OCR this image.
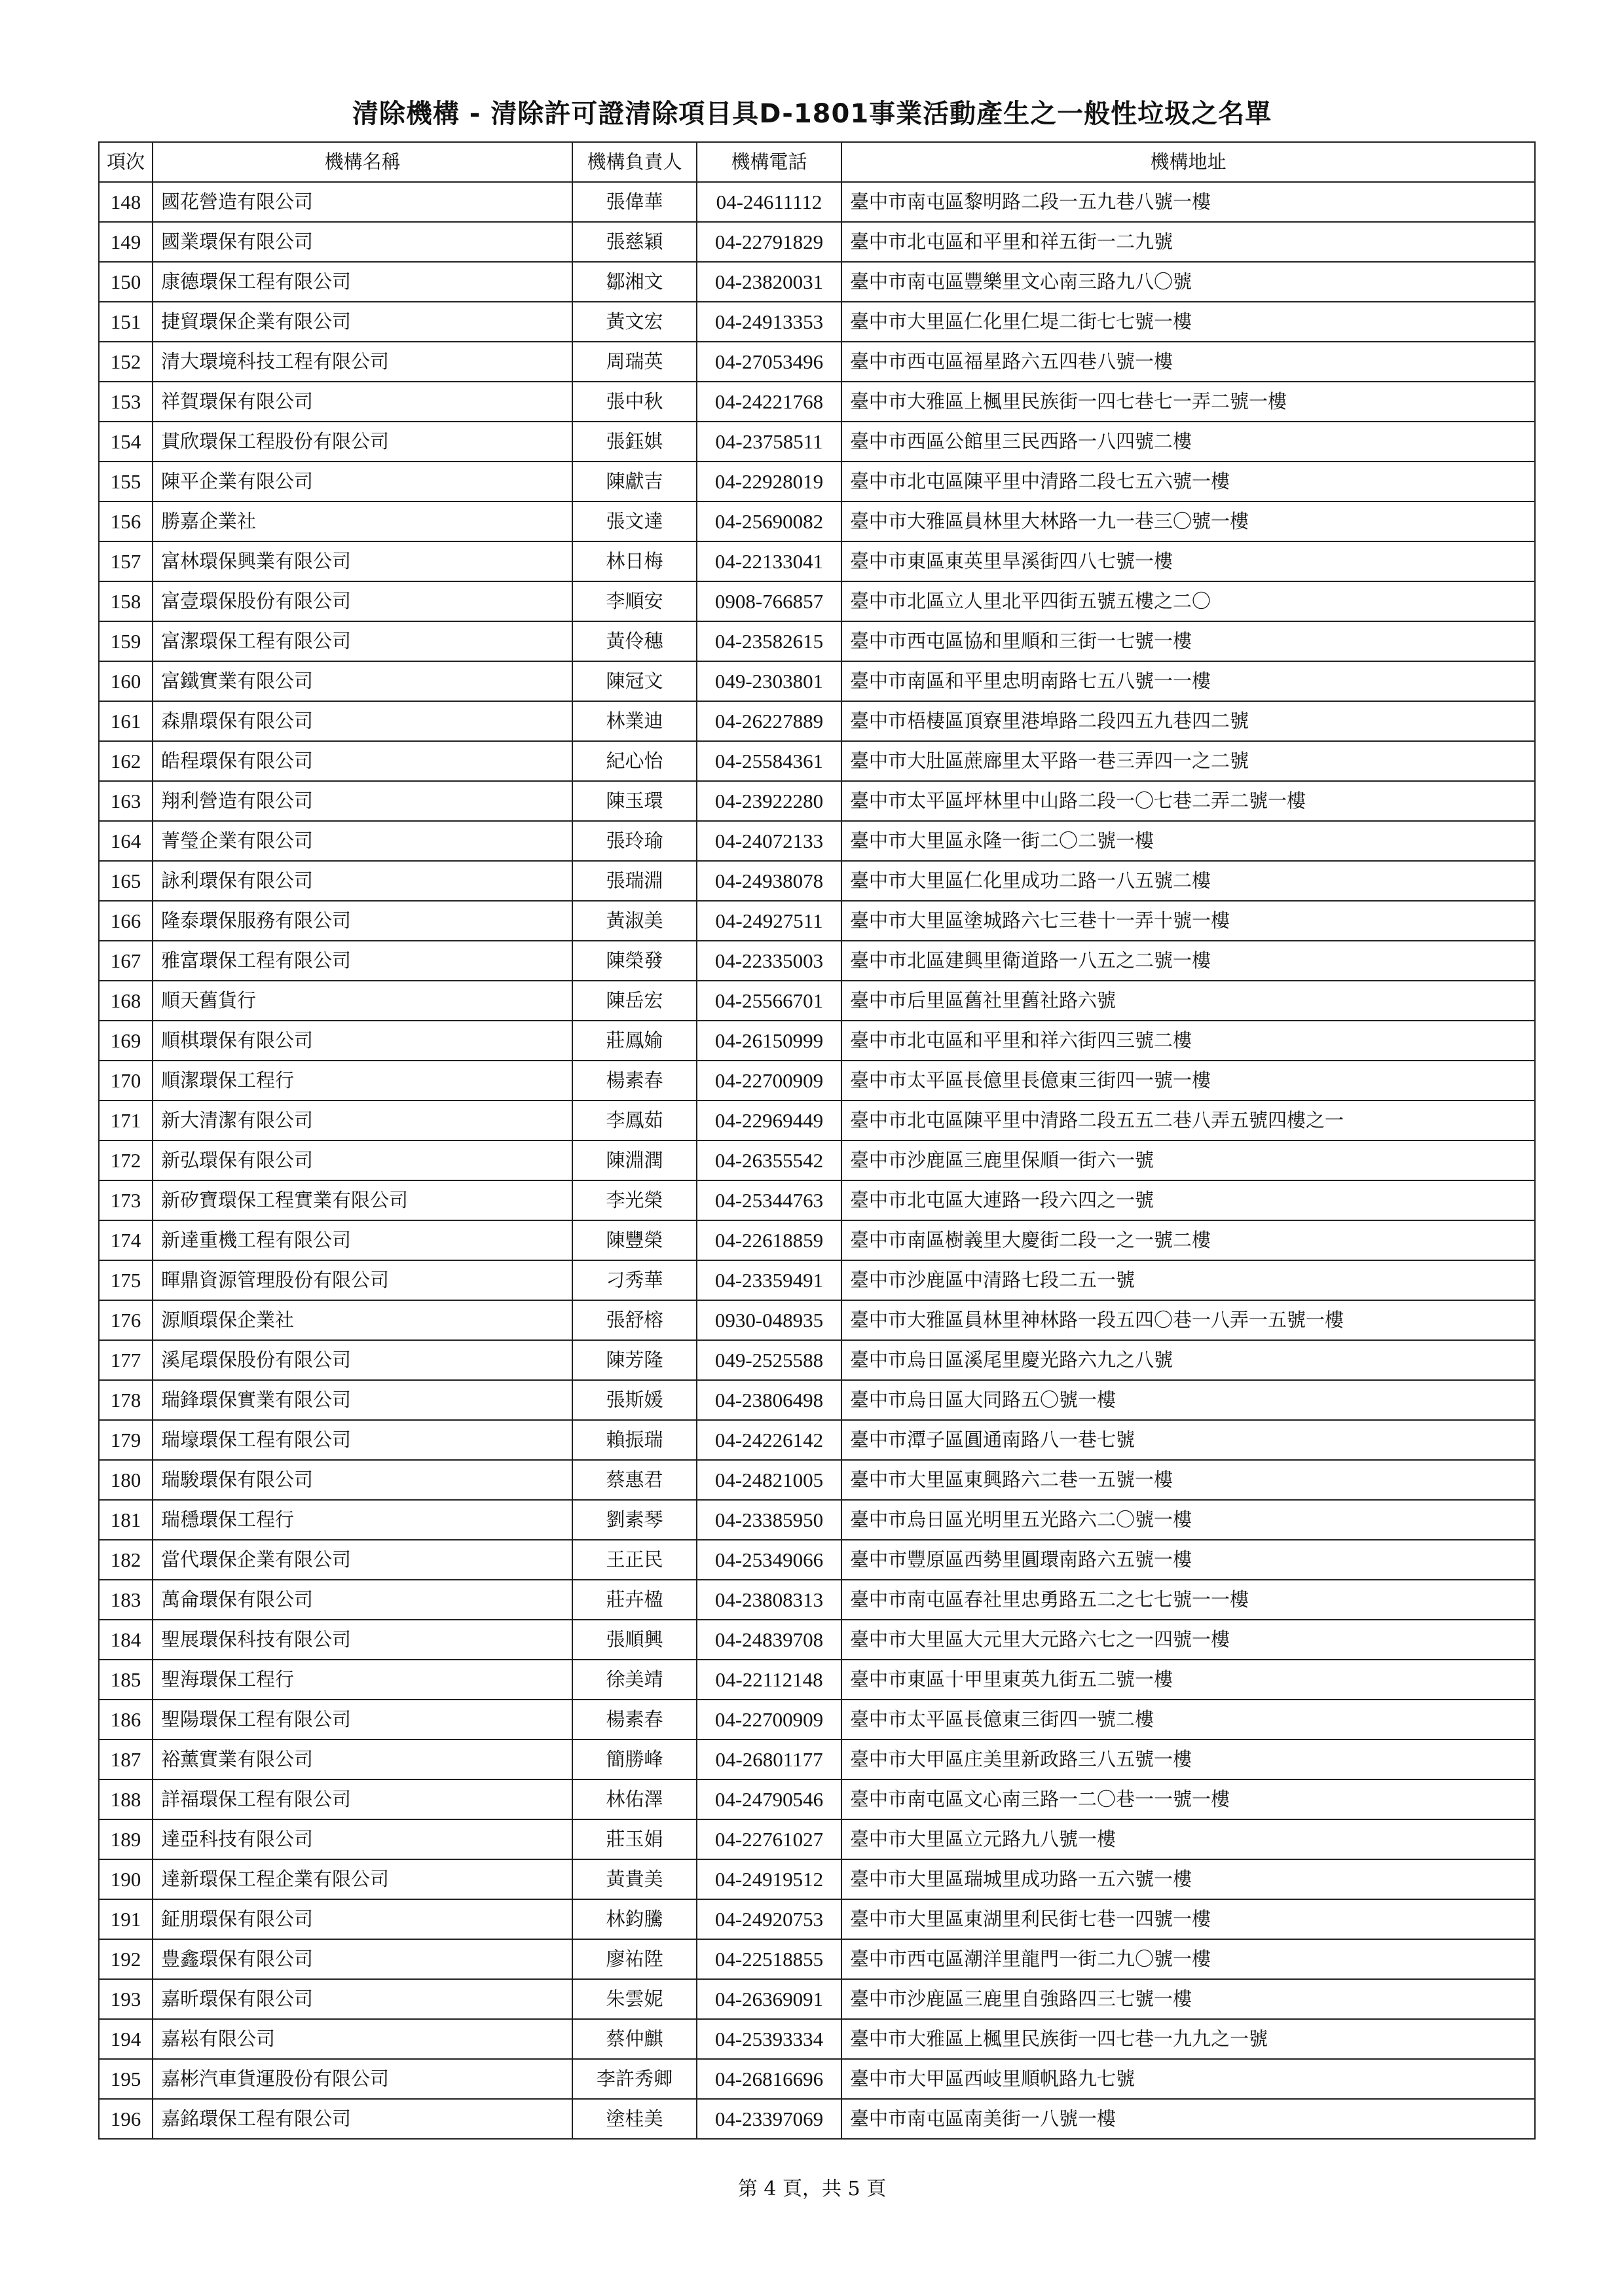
清除機構 - 清除許可證清除項目具D-1801事業活動產生之一般性垃圾之名單
項次	機構名稱	機構負責人	機構電話	機構地址
148	國花營造有限公司	張偉華	04-24611112	臺中市南屯區黎明路二段一五九巷八號一樓
149	國業環保有限公司	張慈穎	04-22791829	臺中市北屯區和平里和祥五街一二九號
150	康德環保工程有限公司	鄒湘文	04-23820031	臺中市南屯區豐樂里文心南三路九八〇號
151	捷貿環保企業有限公司	黃文宏	04-24913353	臺中市大里區仁化里仁堤二街七七號一樓
152	清大環境科技工程有限公司	周瑞英	04-27053496	臺中市西屯區福星路六五四巷八號一樓
153	祥賀環保有限公司	張中秋	04-24221768	臺中市大雅區上楓里民族街一四七巷七一弄二號一樓
154	貫欣環保工程股份有限公司	張鈺娸	04-23758511	臺中市西區公館里三民西路一八四號二樓
155	陳平企業有限公司	陳獻吉	04-22928019	臺中市北屯區陳平里中清路二段七五六號一樓
156	勝嘉企業社	張文達	04-25690082	臺中市大雅區員林里大林路一九一巷三〇號一樓
157	富林環保興業有限公司	林日梅	04-22133041	臺中市東區東英里旱溪街四八七號一樓
158	富壹環保股份有限公司	李順安	0908-766857	臺中市北區立人里北平四街五號五樓之二〇
159	富潔環保工程有限公司	黃伶穗	04-23582615	臺中市西屯區協和里順和三街一七號一樓
160	富鐵實業有限公司	陳冠文	049-2303801	臺中市南區和平里忠明南路七五八號一一樓
161	森鼎環保有限公司	林業迪	04-26227889	臺中市梧棲區頂寮里港埠路二段四五九巷四二號
162	皓程環保有限公司	紀心怡	04-25584361	臺中市大肚區蔗廍里太平路一巷三弄四一之二號
163	翔利營造有限公司	陳玉環	04-23922280	臺中市太平區坪林里中山路二段一〇七巷二弄二號一樓
164	菁瑩企業有限公司	張玲瑜	04-24072133	臺中市大里區永隆一街二〇二號一樓
165	詠利環保有限公司	張瑞淵	04-24938078	臺中市大里區仁化里成功二路一八五號二樓
166	隆泰環保服務有限公司	黃淑美	04-24927511	臺中市大里區塗城路六七三巷十一弄十號一樓
167	雅富環保工程有限公司	陳榮發	04-22335003	臺中市北區建興里衛道路一八五之二號一樓
168	順天舊貨行	陳岳宏	04-25566701	臺中市后里區舊社里舊社路六號
169	順棋環保有限公司	莊鳳媮	04-26150999	臺中市北屯區和平里和祥六街四三號二樓
170	順潔環保工程行	楊素春	04-22700909	臺中市太平區長億里長億東三街四一號一樓
171	新大清潔有限公司	李鳳茹	04-22969449	臺中市北屯區陳平里中清路二段五五二巷八弄五號四樓之一
172	新弘環保有限公司	陳淵潤	04-26355542	臺中市沙鹿區三鹿里保順一街六一號
173	新矽寶環保工程實業有限公司	李光榮	04-25344763	臺中市北屯區大連路一段六四之一號
174	新達重機工程有限公司	陳豐榮	04-22618859	臺中市南區樹義里大慶街二段一之一號二樓
175	暉鼎資源管理股份有限公司	刁秀華	04-23359491	臺中市沙鹿區中清路七段二五一號
176	源順環保企業社	張舒榕	0930-048935	臺中市大雅區員林里神林路一段五四〇巷一八弄一五號一樓
177	溪尾環保股份有限公司	陳芳隆	049-2525588	臺中市烏日區溪尾里慶光路六九之八號
178	瑞鋒環保實業有限公司	張斯媛	04-23806498	臺中市烏日區大同路五〇號一樓
179	瑞壕環保工程有限公司	賴振瑞	04-24226142	臺中市潭子區圓通南路八一巷七號
180	瑞駿環保有限公司	蔡惠君	04-24821005	臺中市大里區東興路六二巷一五號一樓
181	瑞穩環保工程行	劉素琴	04-23385950	臺中市烏日區光明里五光路六二〇號一樓
182	當代環保企業有限公司	王正民	04-25349066	臺中市豐原區西勢里圓環南路六五號一樓
183	萬侖環保有限公司	莊卉楹	04-23808313	臺中市南屯區春社里忠勇路五二之七七號一一樓
184	聖展環保科技有限公司	張順興	04-24839708	臺中市大里區大元里大元路六七之一四號一樓
185	聖海環保工程行	徐美靖	04-22112148	臺中市東區十甲里東英九街五二號一樓
186	聖陽環保工程有限公司	楊素春	04-22700909	臺中市太平區長億東三街四一號二樓
187	裕薰實業有限公司	簡勝峰	04-26801177	臺中市大甲區庄美里新政路三八五號一樓
188	詳福環保工程有限公司	林佑澤	04-24790546	臺中市南屯區文心南三路一二〇巷一一號一樓
189	達亞科技有限公司	莊玉娟	04-22761027	臺中市大里區立元路九八號一樓
190	達新環保工程企業有限公司	黃貴美	04-24919512	臺中市大里區瑞城里成功路一五六號一樓
191	鉦朋環保有限公司	林鈞騰	04-24920753	臺中市大里區東湖里利民街七巷一四號一樓
192	豊鑫環保有限公司	廖祐陞	04-22518855	臺中市西屯區潮洋里龍門一街二九〇號一樓
193	嘉昕環保有限公司	朱雲妮	04-26369091	臺中市沙鹿區三鹿里自強路四三七號一樓
194	嘉崧有限公司	蔡仲麒	04-25393334	臺中市大雅區上楓里民族街一四七巷一九九之一號
195	嘉彬汽車貨運股份有限公司	李許秀卿	04-26816696	臺中市大甲區西岐里順帆路九七號
196	嘉銘環保工程有限公司	塗桂美	04-23397069	臺中市南屯區南美街一八號一樓
第 4 頁，共 5 頁
